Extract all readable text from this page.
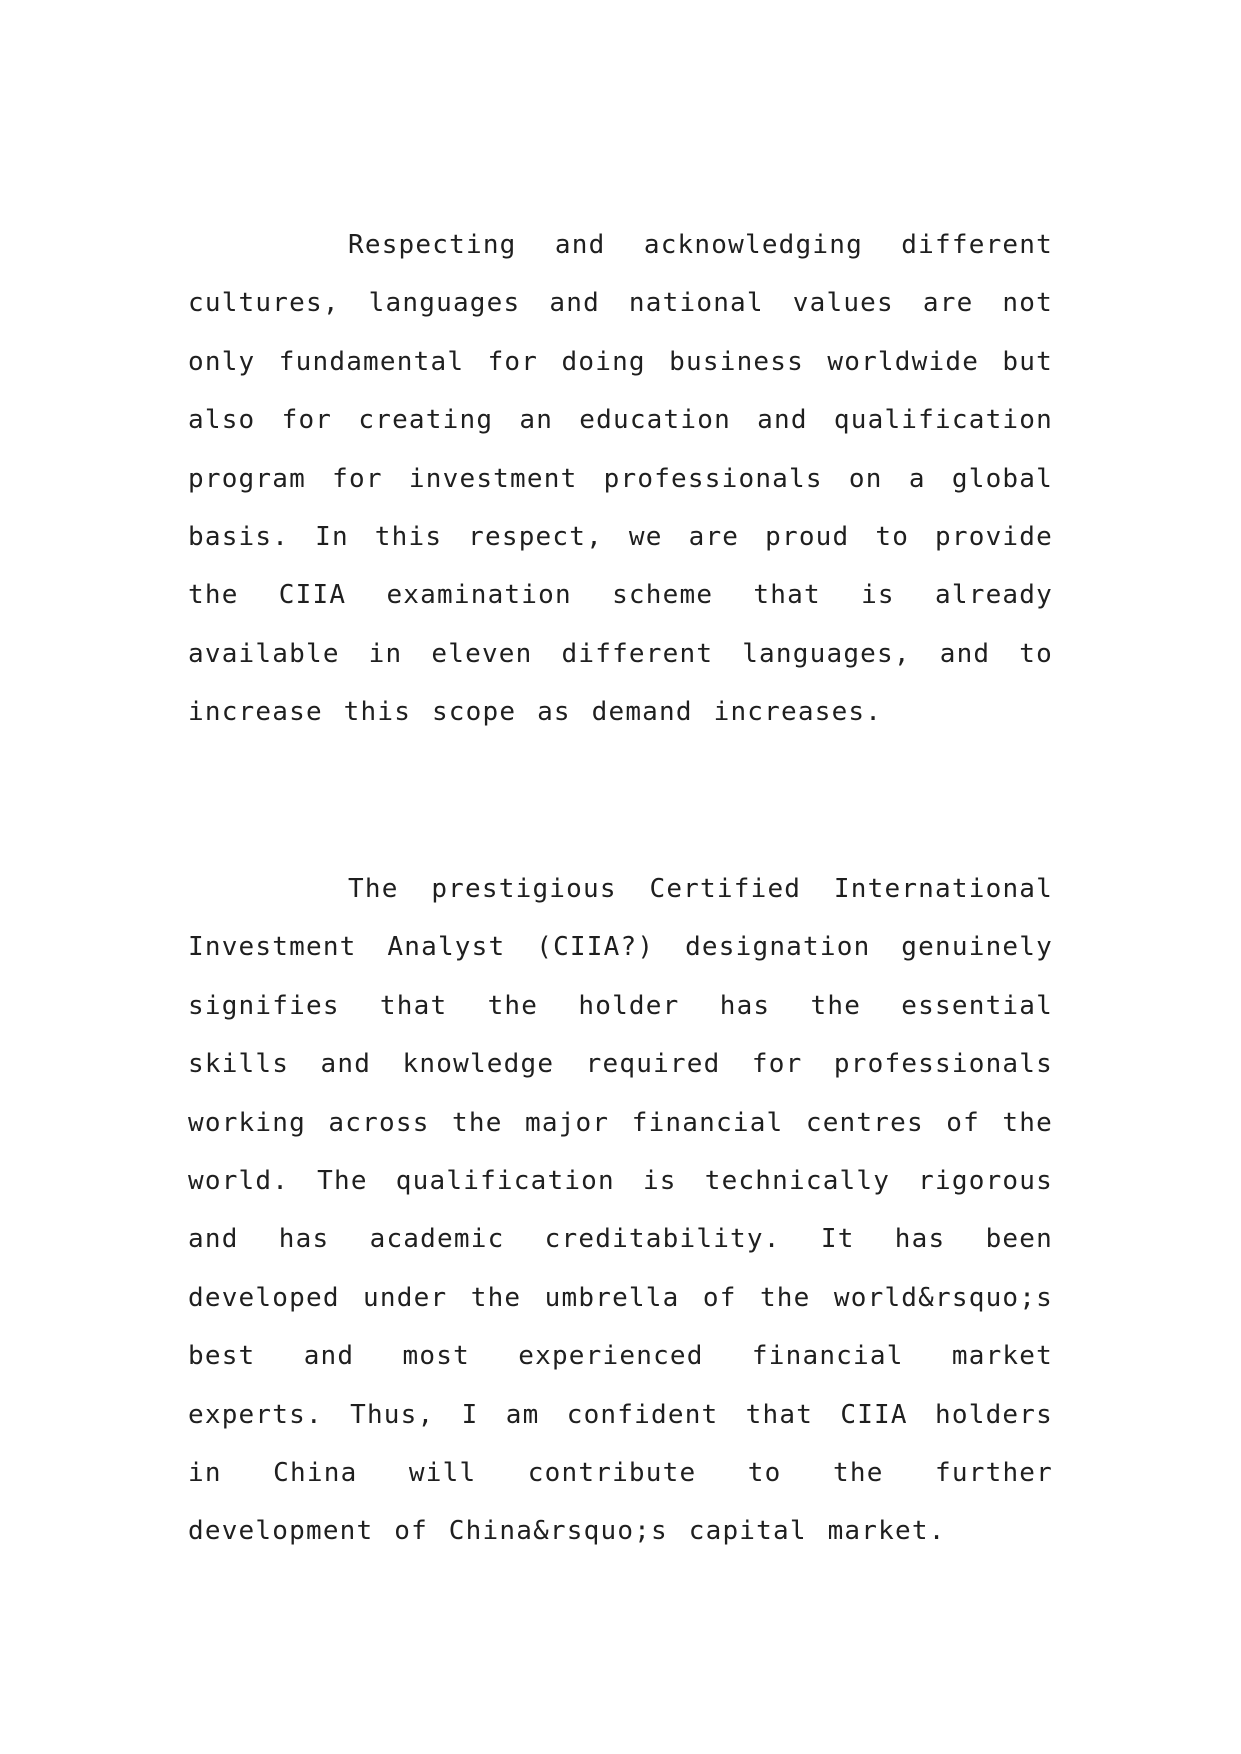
Respecting and acknowledging different cultures, languages and national values are not only fundamental for doing business worldwide but also for creating an education and qualification program for investment professionals on a global basis. In this respect, we are proud to provide the CIIA examination scheme that is already available in eleven different languages, and to increase this scope as demand increases.

The prestigious Certified International Investment Analyst (CIIA?) designation genuinely signifies that the holder has the essential skills and knowledge required for professionals working across the major financial centres of the world. The qualification is technically rigorous and has academic creditability. It has been developed under the umbrella of the world&rsquo;s best and most experienced financial market experts. Thus, I am confident that CIIA holders in China will contribute to the further development of China&rsquo;s capital market.
